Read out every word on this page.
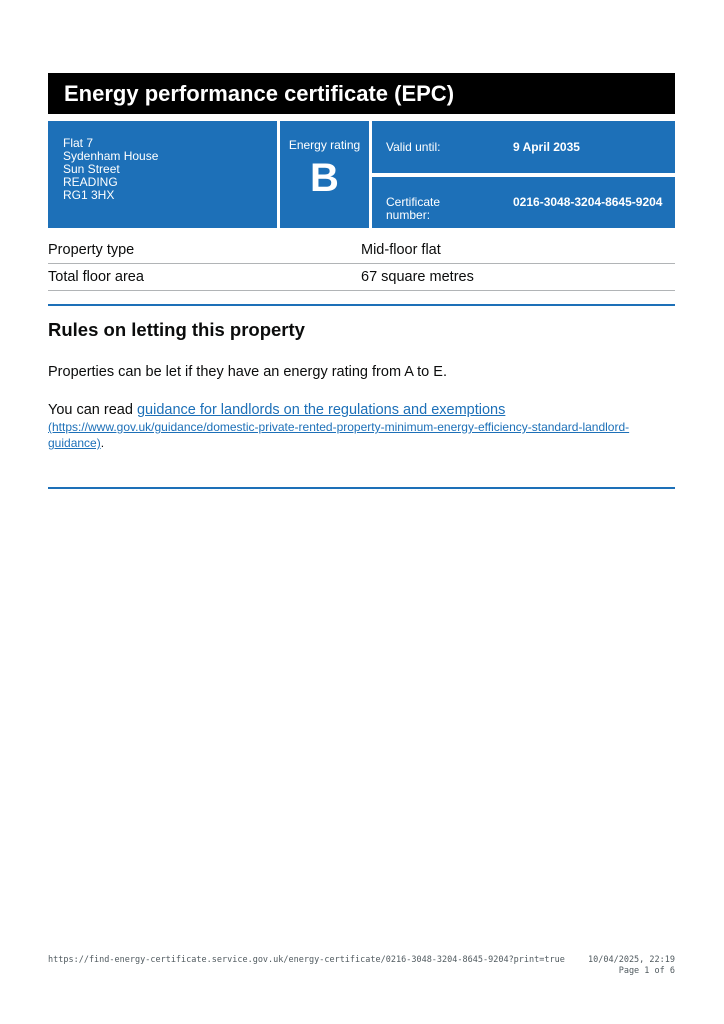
Energy performance certificate (EPC)
Flat 7
Sydenham House
Sun Street
READING
RG1 3HX
Energy rating
B
Valid until:	9 April 2035
Certificate number:
0216-3048-3204-8645-9204
Property type	Mid-floor flat
Total floor area	67 square metres
Rules on letting this property

Properties can be let if they have an energy rating from A to E.

You can read guidance for landlords on the regulations and exemptions
(https://www.gov.uk/guidance/domestic-private-rented-property-minimum-energy-efficiency-standard-landlord-guidance).

https://find-energy-certificate.service.gov.uk/energy-certificate/0216-3048-3204-8645-9204?print=true	10/04/2025, 22:19
Page 1 of 6
